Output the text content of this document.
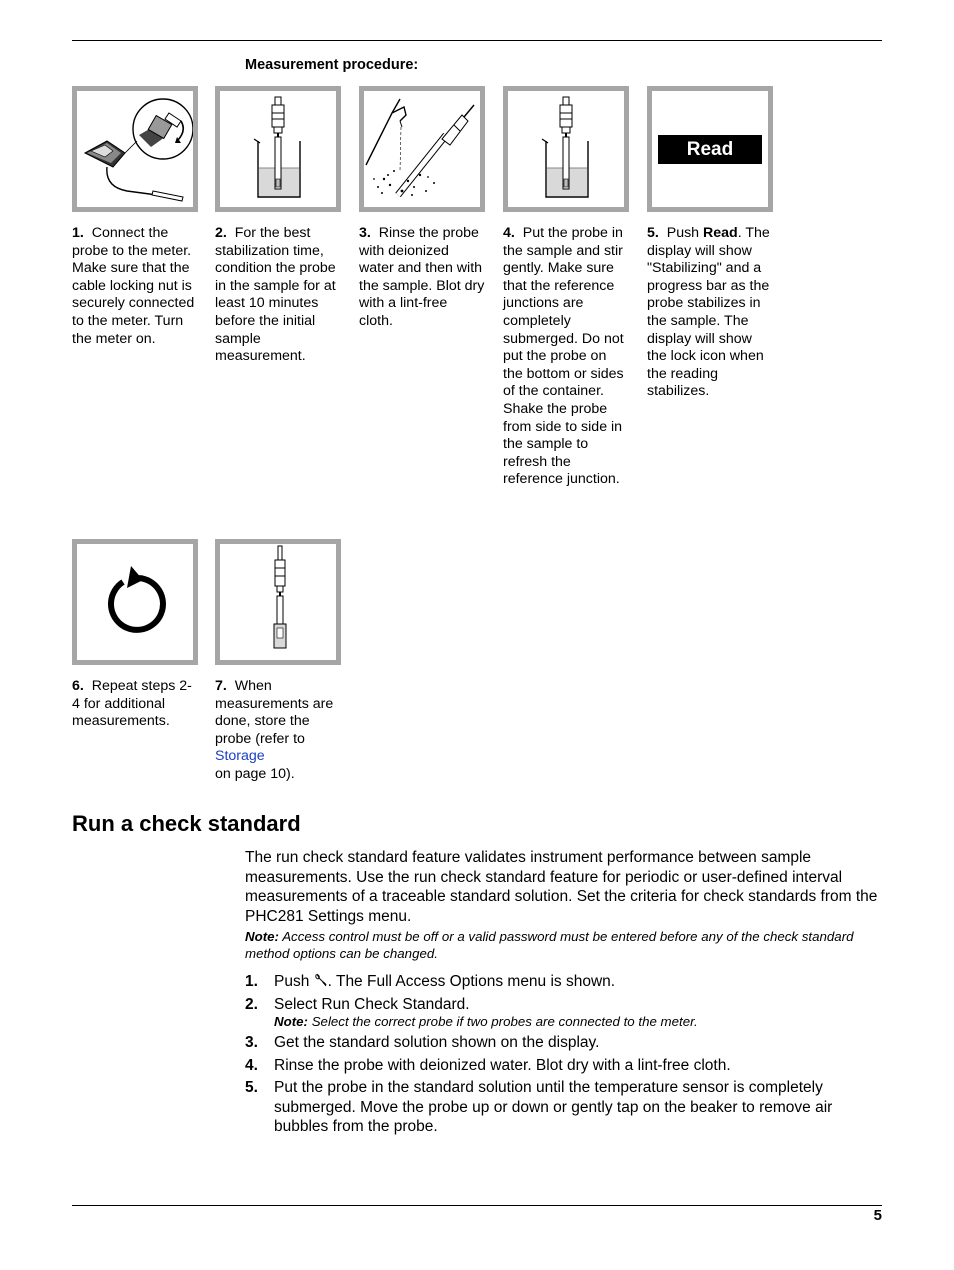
Measurement procedure:
1. Connect the probe to the meter. Make sure that the cable locking nut is securely connected to the meter. Turn the meter on.
2. For the best stabilization time, condition the probe in the sample for at least 10 minutes before the initial sample measurement.
3. Rinse the probe with deionized water and then with the sample. Blot dry with a lint-free cloth.
4. Put the probe in the sample and stir gently. Make sure that the reference junctions are completely submerged. Do not put the probe on the bottom or sides of the container. Shake the probe from side to side in the sample to refresh the reference junction.
Read
5. Push Read. The display will show "Stabilizing" and a progress bar as the probe stabilizes in the sample. The display will show the lock icon when the reading stabilizes.
6. Repeat steps 2-4 for additional measurements.
7. When measurements are done, store the probe (refer to
Storage
on page 10).
Run a check standard

The run check standard feature validates instrument performance between sample measurements. Use the run check standard feature for periodic or user-defined interval measurements of a traceable standard solution. Set the criteria for check standards from the PHC281 Settings menu.

Note: Access control must be off or a valid password must be entered before any of the check standard method options can be changed.

1. Push . The Full Access Options menu is shown.
2. Select Run Check Standard.
Note: Select the correct probe if two probes are connected to the meter.
3. Get the standard solution shown on the display.
4. Rinse the probe with deionized water. Blot dry with a lint-free cloth.
5. Put the probe in the standard solution until the temperature sensor is completely submerged. Move the probe up or down or gently tap on the beaker to remove air bubbles from the probe.
5
